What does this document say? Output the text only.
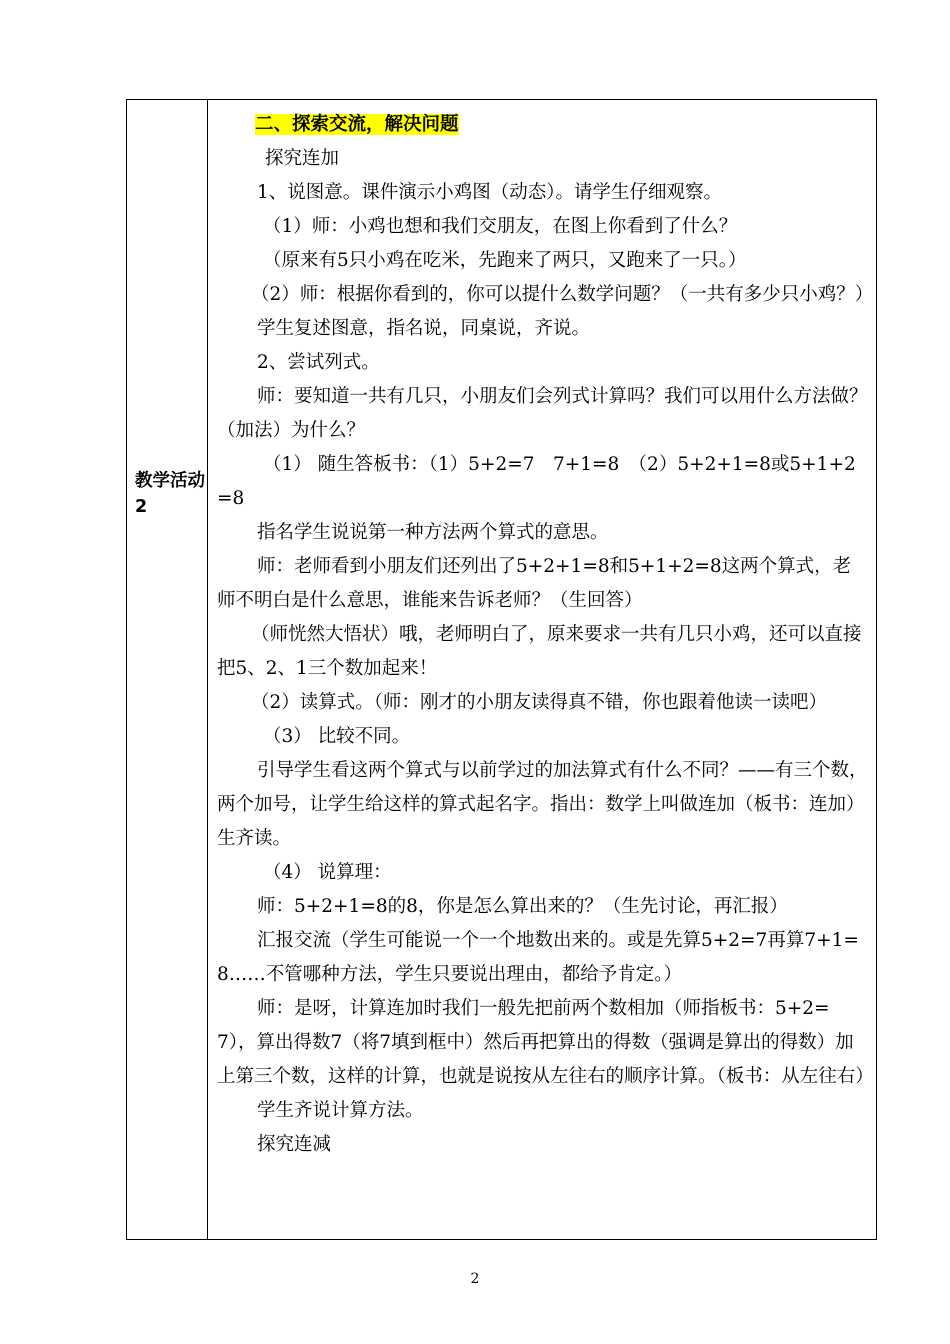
教学活动2

二、探索交流，解决问题

探究连加

1、说图意。课件演示小鸡图（动态）。请学生仔细观察。

（1）师：小鸡也想和我们交朋友，在图上你看到了什么？

（原来有5只小鸡在吃米，先跑来了两只，又跑来了一只。）

（2）师：根据你看到的，你可以提什么数学问题？（一共有多少只小鸡？）

学生复述图意，指名说，同桌说，齐说。

2、尝试列式。

师：要知道一共有几只，小朋友们会列式计算吗？我们可以用什么方法做？（加法）为什么？

（1） 随生答板书：（1）5+2=7　7+1=8　（2）5+2+1=8或5+1+2=8

指名学生说说第一种方法两个算式的意思。

师：老师看到小朋友们还列出了5+2+1=8和5+1+2=8这两个算式，老师不明白是什么意思，谁能来告诉老师？（生回答）

（师恍然大悟状）哦，老师明白了，原来要求一共有几只小鸡，还可以直接把5、2、1三个数加起来！

（2）读算式。（师：刚才的小朋友读得真不错，你也跟着他读一读吧）

（3） 比较不同。

引导学生看这两个算式与以前学过的加法算式有什么不同？——有三个数，两个加号，让学生给这样的算式起名字。指出：数学上叫做连加（板书：连加）生齐读。

（4） 说算理：

师：5+2+1=8的8，你是怎么算出来的？（生先讨论，再汇报）

汇报交流（学生可能说一个一个地数出来的。或是先算5+2=7再算7+1=8……不管哪种方法，学生只要说出理由，都给予肯定。）

师：是呀，计算连加时我们一般先把前两个数相加（师指板书：5+2=7），算出得数7（将7填到框中）然后再把算出的得数（强调是算出的得数）加上第三个数，这样的计算，也就是说按从左往右的顺序计算。（板书：从左往右）

学生齐说计算方法。

探究连减

2
